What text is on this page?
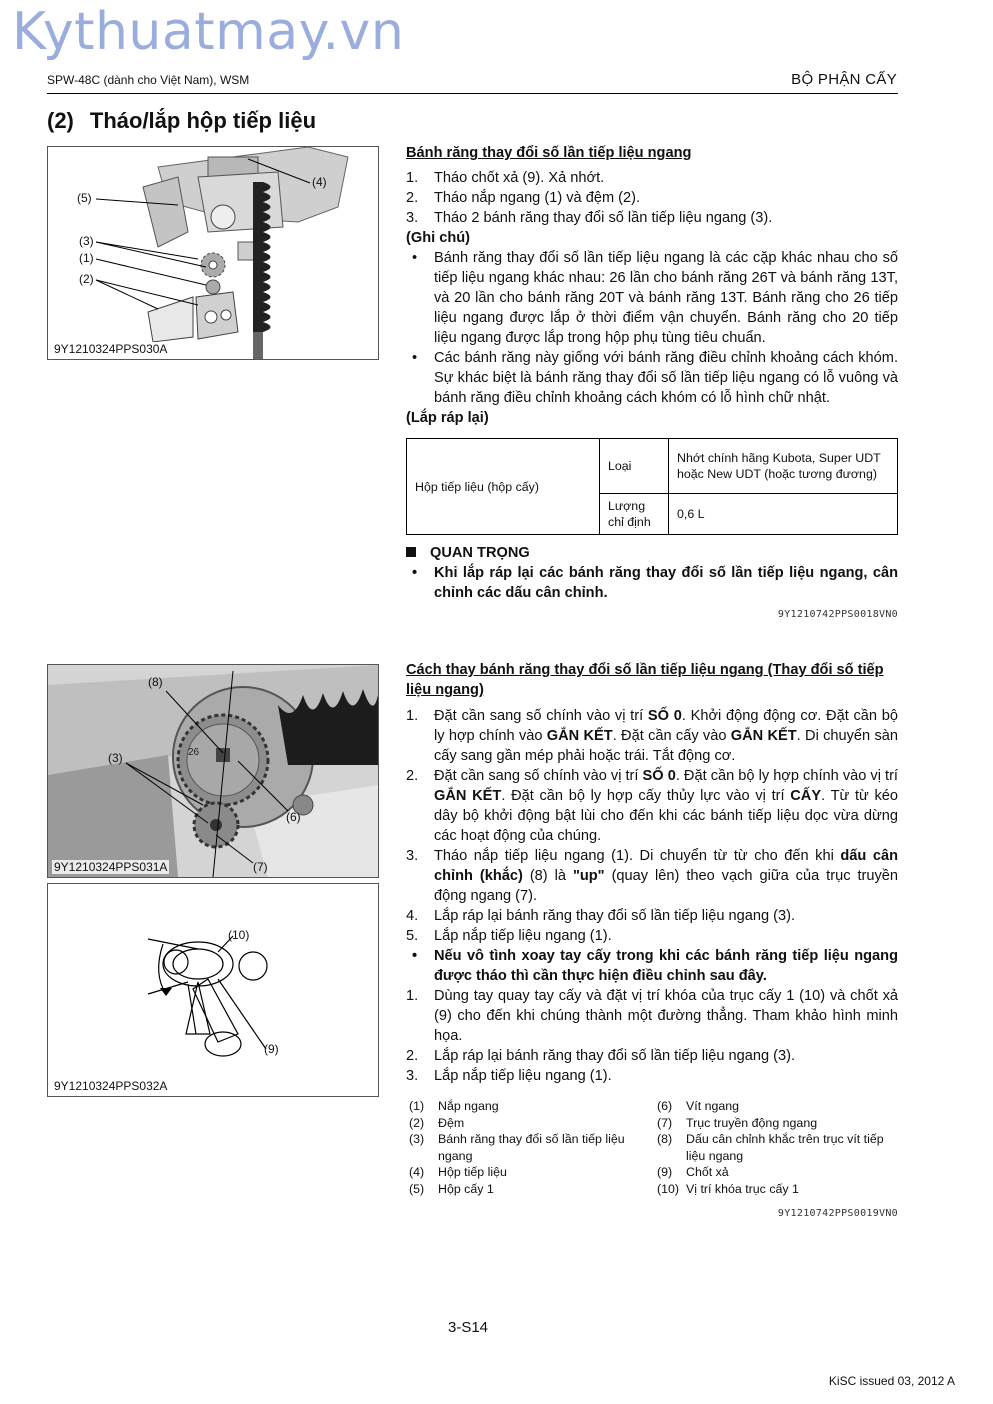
Kythuatmay.vn
SPW-48C (dành cho Việt Nam), WSM	BỘ PHẬN CẤY
(2) Tháo/lắp hộp tiếp liệu
(4)
(5)
(3)
(1)
(2)
9Y1210324PPS030A
26
(8)
(3)
(6)
(7)
9Y1210324PPS031A
(10)
(9)
9Y1210324PPS032A
Bánh răng thay đổi số lần tiếp liệu ngang
1. Tháo chốt xả (9). Xả nhớt.
2. Tháo nắp ngang (1) và đệm (2).
3. Tháo 2 bánh răng thay đổi số lần tiếp liệu ngang (3).
(Ghi chú)
• Bánh răng thay đổi số lần tiếp liệu ngang là các cặp khác nhau cho số tiếp liệu ngang khác nhau: 26 lần cho bánh răng 26T và bánh răng 13T, và 20 lần cho bánh răng 20T và bánh răng 13T. Bánh răng cho 26 tiếp liệu ngang được lắp ở thời điểm vận chuyển. Bánh răng cho 20 tiếp liệu ngang được lắp trong hộp phụ tùng tiêu chuẩn.
• Các bánh răng này giống với bánh răng điều chỉnh khoảng cách khóm. Sự khác biệt là bánh răng thay đổi số lần tiếp liệu ngang có lỗ vuông và bánh răng điều chỉnh khoảng cách khóm có lỗ hình chữ nhật.
(Lắp ráp lại)
Hộp tiếp liệu (hộp cấy)	Loại	Nhớt chính hãng Kubota, Super UDT hoặc New UDT (hoặc tương đương)
	Lượng chỉ định	0,6 L
QUAN TRỌNG
• Khi lắp ráp lại các bánh răng thay đổi số lần tiếp liệu ngang, cân chỉnh các dấu cân chỉnh.
9Y1210742PPS0018VN0
Cách thay bánh răng thay đổi số lần tiếp liệu ngang (Thay đổi số tiếp liệu ngang)
1. Đặt cần sang số chính vào vị trí SỐ 0. Khởi động động cơ. Đặt cần bộ ly hợp chính vào GẮN KẾT. Đặt cần cấy vào GẮN KẾT. Di chuyển sàn cấy sang gần mép phải hoặc trái. Tắt động cơ.
2. Đặt cần sang số chính vào vị trí SỐ 0. Đặt cần bộ ly hợp chính vào vị trí GẮN KẾT. Đặt cần bộ ly hợp cấy thủy lực vào vị trí CẤY. Từ từ kéo dây bộ khởi động bật lùi cho đến khi các bánh tiếp liệu dọc vừa dừng các hoạt động của chúng.
3. Tháo nắp tiếp liệu ngang (1). Di chuyển từ từ cho đến khi dấu cân chỉnh (khắc) (8) là "up" (quay lên) theo vạch giữa của trục truyền động ngang (7).
4. Lắp ráp lại bánh răng thay đổi số lần tiếp liệu ngang (3).
5. Lắp nắp tiếp liệu ngang (1).
• Nếu vô tình xoay tay cấy trong khi các bánh răng tiếp liệu ngang được tháo thì cần thực hiện điều chỉnh sau đây.
1. Dùng tay quay tay cấy và đặt vị trí khóa của trục cấy 1 (10) và chốt xả (9) cho đến khi chúng thành một đường thẳng. Tham khảo hình minh họa.
2. Lắp ráp lại bánh răng thay đổi số lần tiếp liệu ngang (3).
3. Lắp nắp tiếp liệu ngang (1).
(1) Nắp ngang
(2) Đệm
(3) Bánh răng thay đổi số lần tiếp liệu ngang
(4) Hộp tiếp liệu
(5) Hộp cấy 1
(6) Vít ngang
(7) Trục truyền động ngang
(8) Dấu cân chỉnh khắc trên trục vít tiếp liệu ngang
(9) Chốt xả
(10) Vị trí khóa trục cấy 1
9Y1210742PPS0019VN0
3-S14
KiSC issued 03, 2012 A
